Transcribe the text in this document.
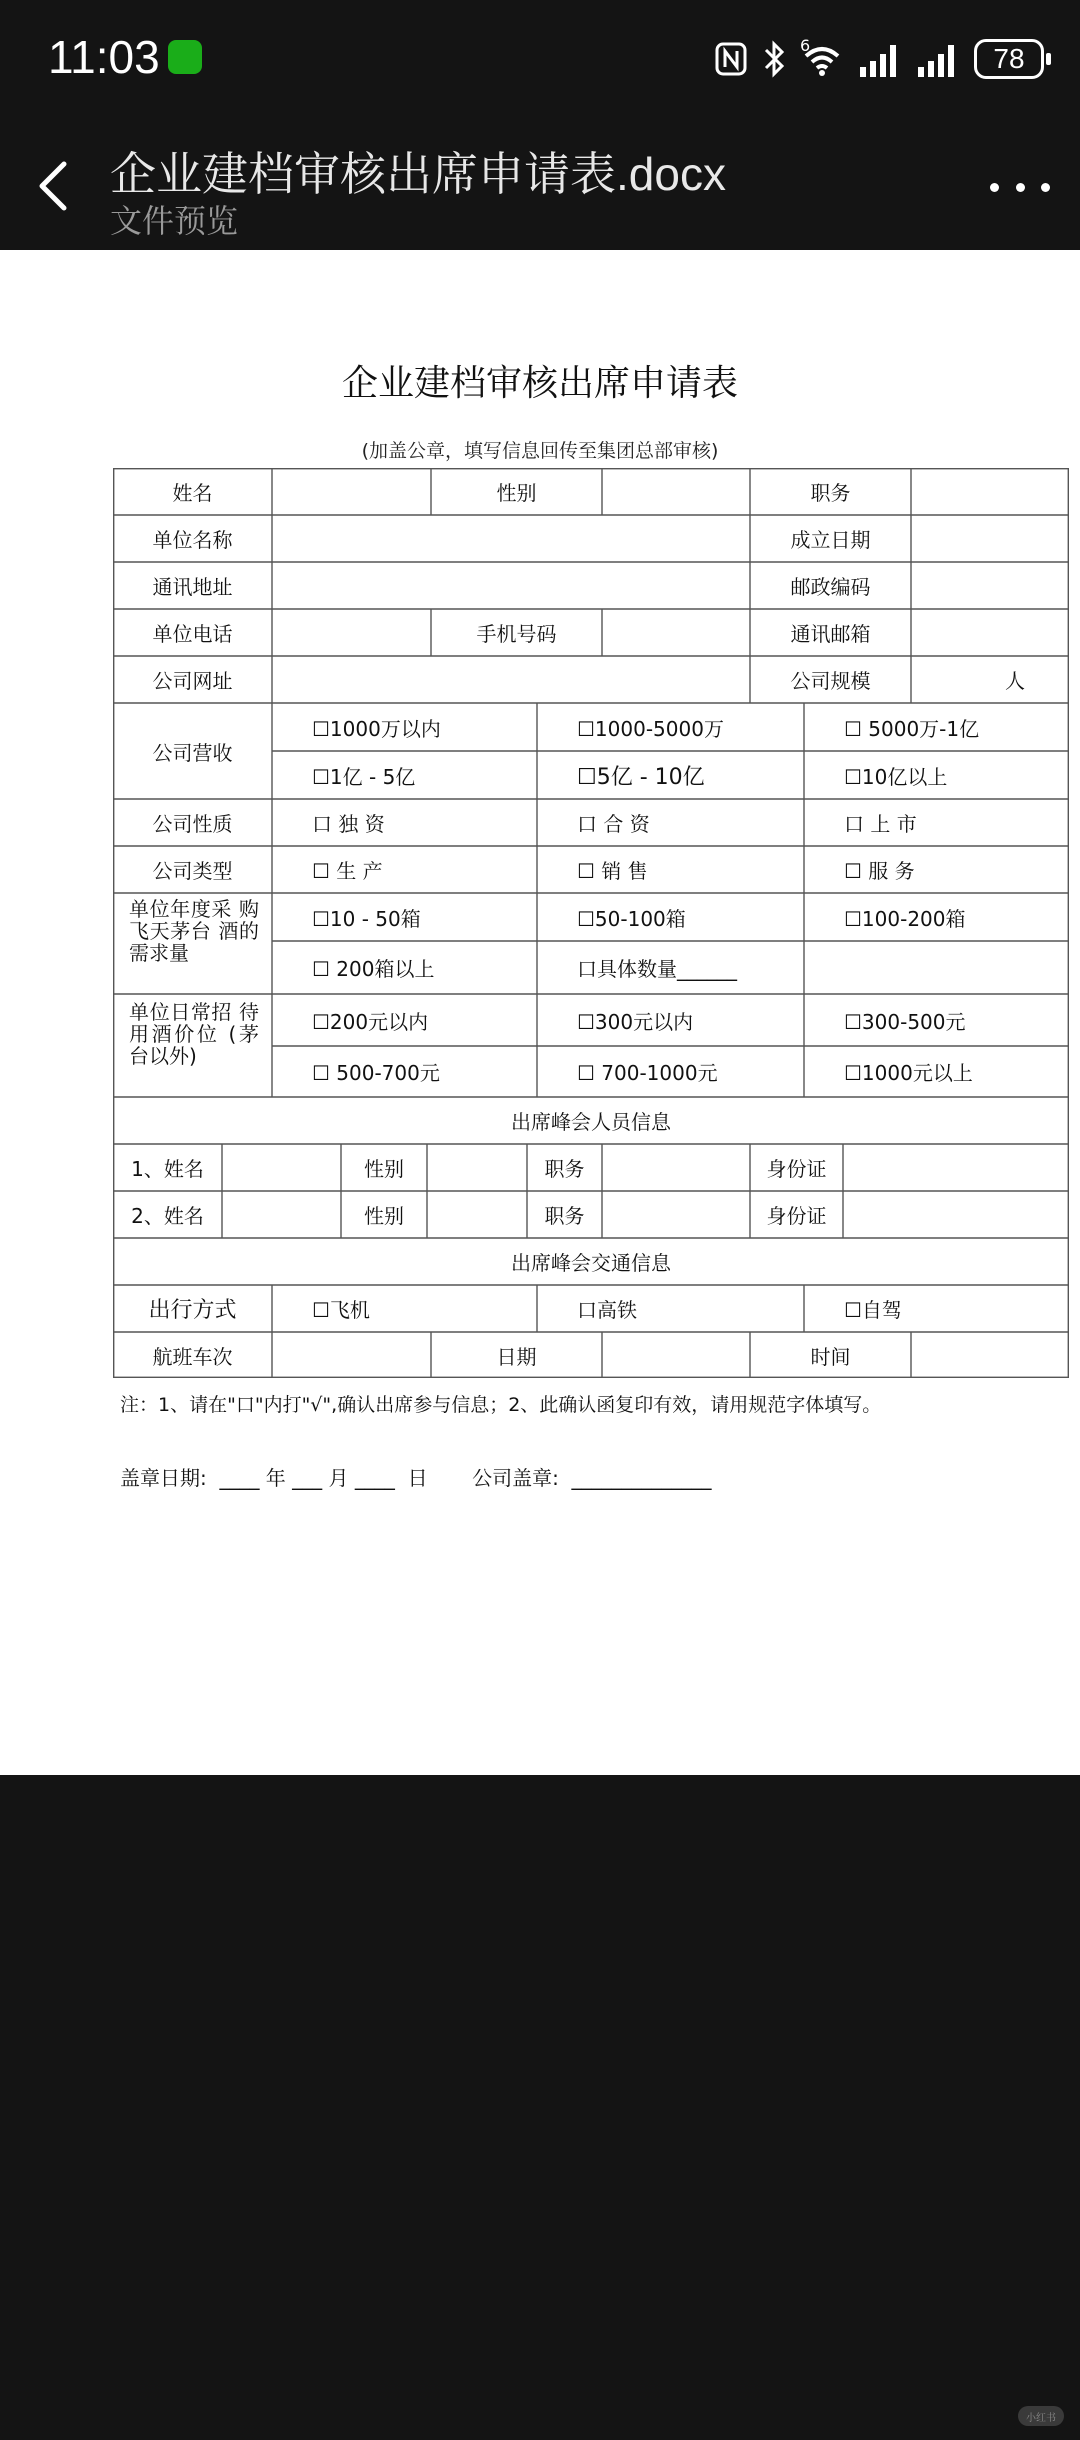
11:03	6	78
企业建档审核出席申请表.docx
文件预览
企业建档审核出席申请表
(加盖公章，填写信息回传至集团总部审核)
姓名	性别	职务
单位名称	成立日期
通讯地址	邮政编码
单位电话	手机号码	通讯邮箱
公司网址	公司规模	人
公司营收
☐1000万以内	☐1000-5000万	☐ 5000万-1亿
☐1亿 - 5亿	☐5亿 - 10亿	☐10亿以上
公司性质	口 独 资	口 合 资	口 上 市
公司类型	☐ 生 产	☐ 销 售	☐ 服 务
单位年度采 购飞天茅台 酒的需求量
☐10 - 50箱	☐50-100箱	☐100-200箱
☐ 200箱以上	口具体数量______
单位日常招 待用酒价位 (茅台以外)
☐200元以内	☐300元以内	☐300-500元
☐ 500-700元	☐ 700-1000元	☐1000元以上
出席峰会人员信息
1、姓名	性别	职务	身份证
2、姓名	性别	职务	身份证
出席峰会交通信息
出行方式	☐飞机	口高铁	☐自驾
航班车次	日期	时间
注：1、请在"口"内打"√",确认出席参与信息；2、此确认函复印有效，请用规范字体填写。
盖章日期:  ____ 年 ___ 月 ____  日       公司盖章:  ______________
小红书
